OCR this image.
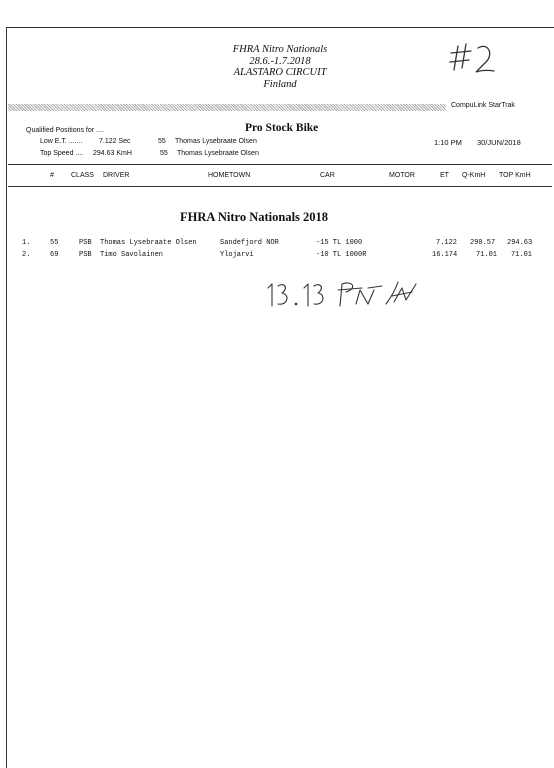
FHRA Nitro Nationals
28.6.-1.7.2018
ALASTARO CIRCUIT
Finland
CompuLink StarTrak
Qualified Positions for ....
Low E.T. ....... 7.122 Sec	55 Thomas Lysebraate Olsen
Top Speed .... 294.63 KmH	55 Thomas Lysebraate Olsen
Pro Stock Bike
1:10 PM 30/JUN/2018
# CLASS DRIVER	HOMETOWN	CAR	MOTOR	ET Q-KmH TOP KmH
FHRA Nitro Nationals 2018
1.	55	PSB Thomas Lysebraate Olsen	Sandefjord NOR	-15 TL 1000	7.122 290.57 294.63
2.	69	PSB Timo Savolainen	Ylojarvi	-10 TL 1000R	16.174	71.01 71.01
